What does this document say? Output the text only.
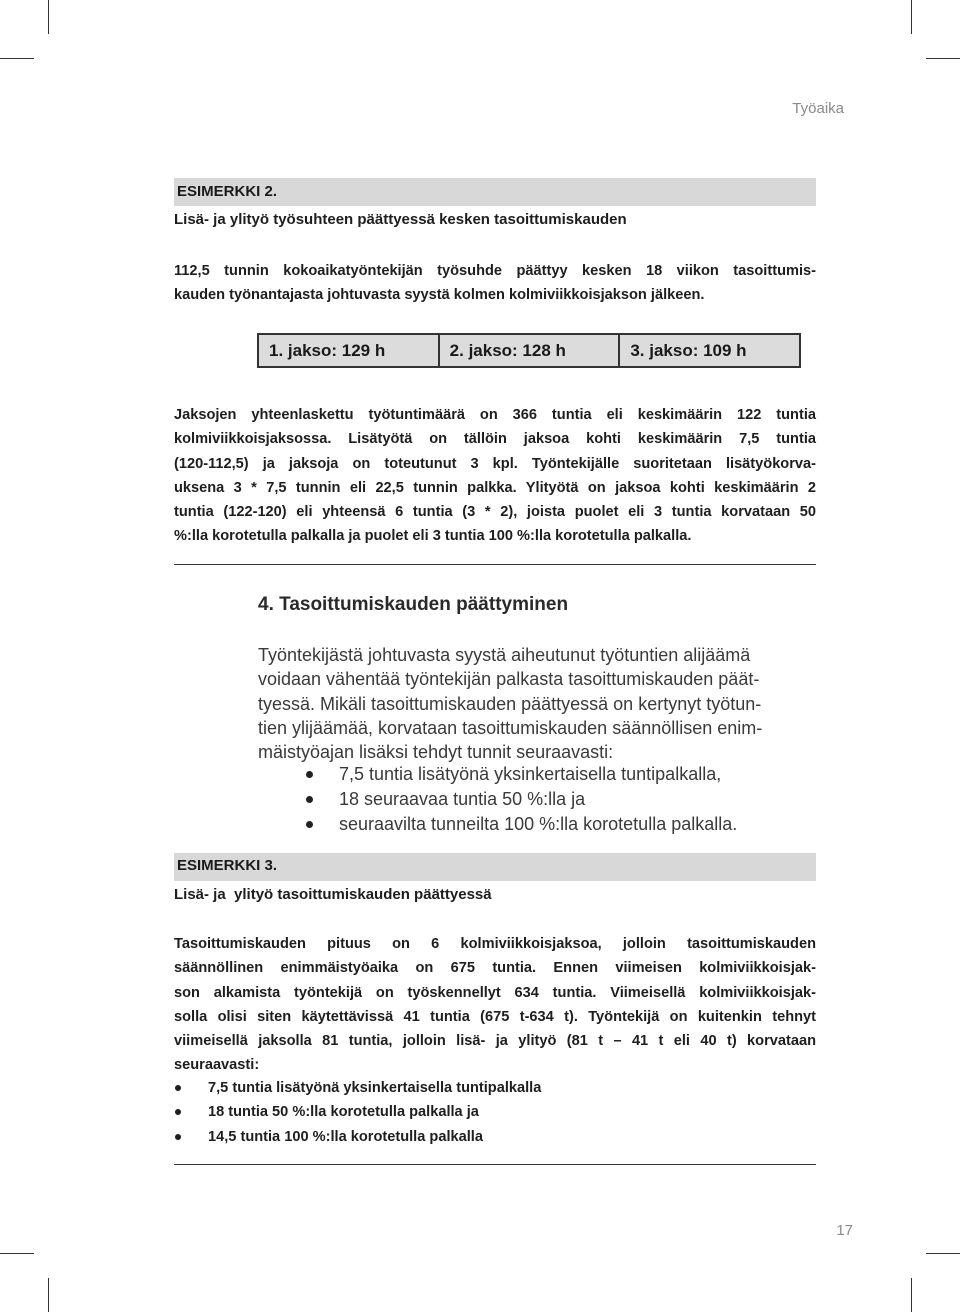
Työaika
ESIMERKKI 2.
Lisä- ja ylityö työsuhteen päättyessä kesken tasoittumiskauden

112,5 tunnin kokoaikatyöntekijän työsuhde päättyy kesken 18 viikon tasoittumis-
kauden työnantajasta johtuvasta syystä kolmen kolmiviikkoisjakson jälkeen.

1. jakso: 129 h	2. jakso: 128 h	3. jakso: 109 h

Jaksojen yhteenlaskettu työtuntimäärä on 366 tuntia eli keskimäärin 122 tuntia
kolmiviikkoisjaksossa. Lisätyötä on tällöin jaksoa kohti keskimäärin 7,5 tuntia
(120-112,5) ja jaksoja on toteutunut 3 kpl. Työntekijälle suoritetaan lisätyökorva-
uksena 3 * 7,5 tunnin eli 22,5 tunnin palkka. Ylityötä on jaksoa kohti keskimäärin 2
tuntia (122-120) eli yhteensä 6 tuntia (3 * 2), joista puolet eli 3 tuntia korvataan 50
%:lla korotetulla palkalla ja puolet eli 3 tuntia 100 %:lla korotetulla palkalla.

4. Tasoittumiskauden päättyminen

Työntekijästä johtuvasta syystä aiheutunut työtuntien alijäämä
voidaan vähentää työntekijän palkasta tasoittumiskauden päät-
tyessä. Mikäli tasoittumiskauden päättyessä on kertynyt työtun-
tien ylijäämää, korvataan tasoittumiskauden säännöllisen enim-
mäistyöajan lisäksi tehdyt tunnit seuraavasti:

7,5 tuntia lisätyönä yksinkertaisella tuntipalkalla,
18 seuraavaa tuntia 50 %:lla ja
seuraavilta tunneilta 100 %:lla korotetulla palkalla.
ESIMERKKI 3.
Lisä- ja  ylityö tasoittumiskauden päättyessä

Tasoittumiskauden pituus on 6 kolmiviikkoisjaksoa, jolloin tasoittumiskauden
säännöllinen enimmäistyöaika on 675 tuntia. Ennen viimeisen kolmiviikkoisjak-
son alkamista työntekijä on työskennellyt 634 tuntia. Viimeisellä kolmiviikkoisjak-
solla olisi siten käytettävissä 41 tuntia (675 t-634 t). Työntekijä on kuitenkin tehnyt
viimeisellä jaksolla 81 tuntia, jolloin lisä- ja ylityö (81 t – 41 t eli 40 t) korvataan
seuraavasti:

7,5 tuntia lisätyönä yksinkertaisella tuntipalkalla
18 tuntia 50 %:lla korotetulla palkalla ja
14,5 tuntia 100 %:lla korotetulla palkalla
17
